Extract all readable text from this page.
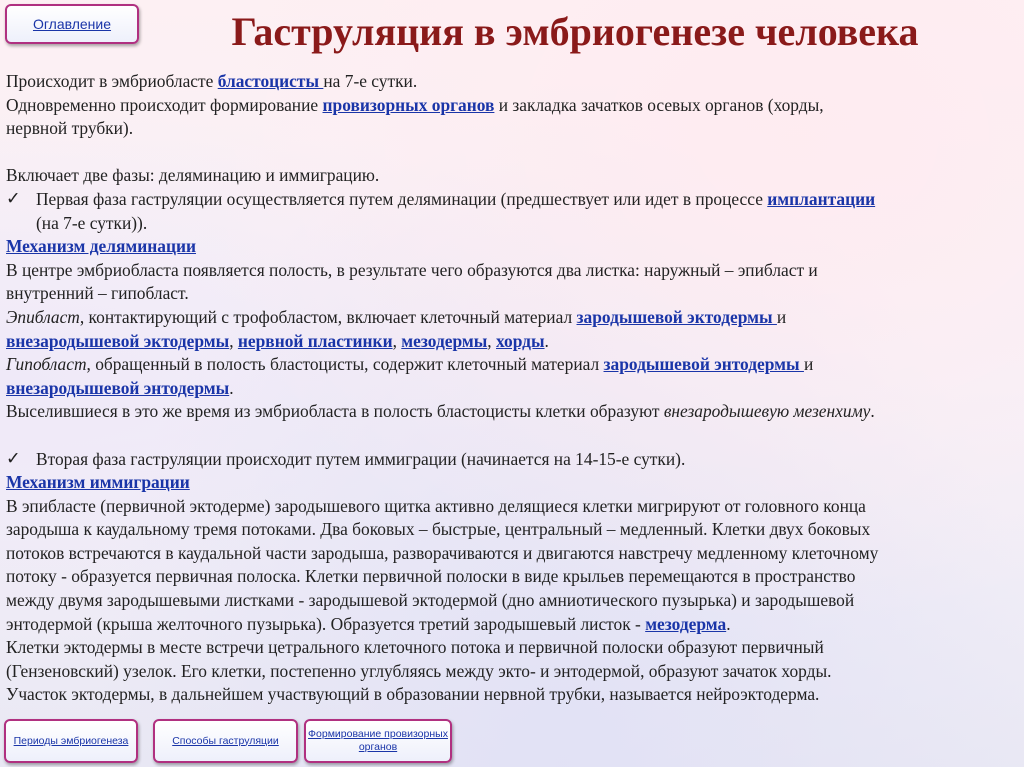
Оглавление	Гаструляция в эмбриогенезе человека
Происходит в эмбриобласте бластоцисты на 7-е сутки.
Одновременно происходит формирование провизорных органов и закладка зачатков осевых органов (хорды,
нервной трубки).
Включает две фазы: деляминацию и иммиграцию.
✓ Первая фаза гаструляции осуществляется путем деляминации (предшествует или идет в процессе имплантации
(на 7-е сутки)).
Механизм деляминации
В центре эмбриобласта появляется полость, в результате чего образуются два листка: наружный – эпибласт и
внутренний – гипобласт.
Эпибласт, контактирующий с трофобластом, включает клеточный материал зародышевой эктодермы и
внезародышевой эктодермы, нервной пластинки, мезодермы, хорды.
Гипобласт, обращенный в полость бластоцисты, содержит клеточный материал зародышевой энтодермы и
внезародышевой энтодермы.
Выселившиеся в это же время из эмбриобласта в полость бластоцисты клетки образуют внезародышевую мезенхиму.
✓ Вторая фаза гаструляции происходит путем иммиграции (начинается на 14-15-е сутки).
Механизм иммиграции
В эпибласте (первичной эктодерме) зародышевого щитка активно делящиеся клетки мигрируют от головного конца
зародыша к каудальному тремя потоками. Два боковых – быстрые, центральный – медленный. Клетки двух боковых
потоков встречаются в каудальной части зародыша, разворачиваются и двигаются навстречу медленному клеточному
потоку - образуется первичная полоска. Клетки первичной полоски в виде крыльев перемещаются в пространство
между двумя зародышевыми листками - зародышевой эктодермой (дно амниотического пузырька) и зародышевой
энтодермой (крыша желточного пузырька). Образуется третий зародышевый листок - мезодерма.
Клетки эктодермы в месте встречи цетрального клеточного потока и первичной полоски образуют первичный
(Гензеновский) узелок. Его клетки, постепенно углубляясь между экто- и энтодермой, образуют зачаток хорды.
Участок эктодермы, в дальнейшем участвующий в образовании нервной трубки, называется нейроэктодерма.
Периоды эмбриогенеза	Способы гаструляции
Формирование провизорных органов
